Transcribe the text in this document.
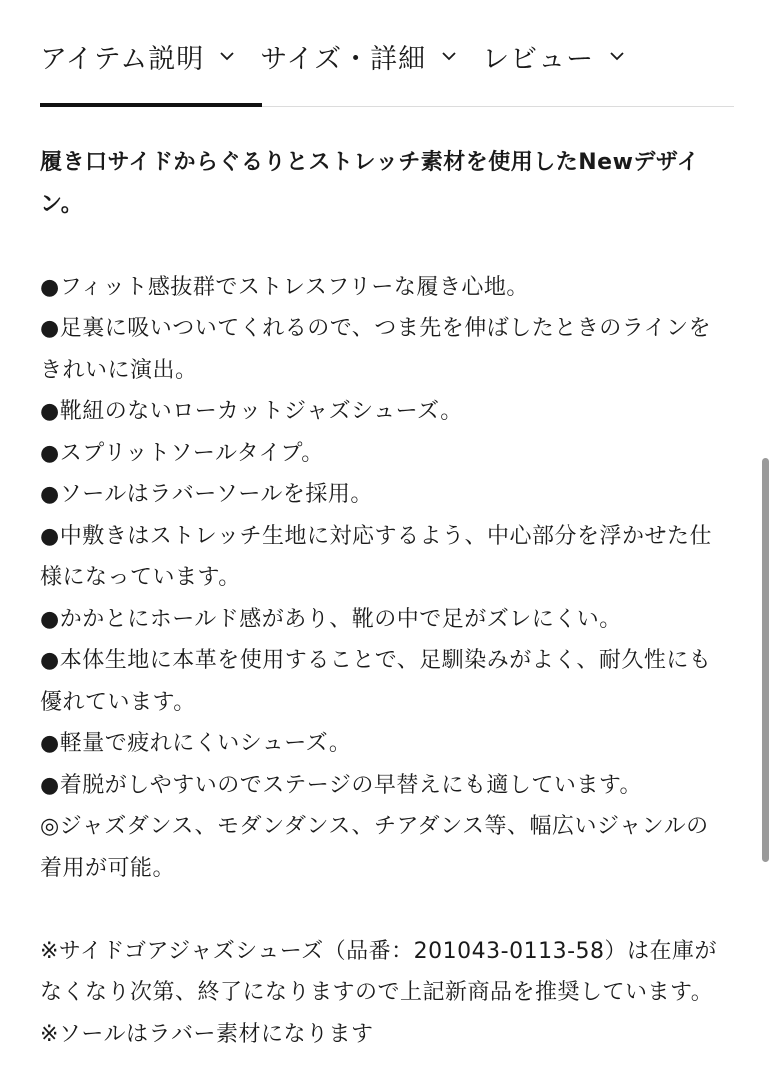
アイテム説明 サイズ・詳細 レビュー

履き口サイドからぐるりとストレッチ素材を使用したNewデザイン。

●フィット感抜群でストレスフリーな履き心地。

●足裏に吸いついてくれるので、つま先を伸ばしたときのラインをきれいに演出。

●靴紐のないローカットジャズシューズ。

●スプリットソールタイプ。

●ソールはラバーソールを採用。

●中敷きはストレッチ生地に対応するよう、中心部分を浮かせた仕様になっています。

●かかとにホールド感があり、靴の中で足がズレにくい。

●本体生地に本革を使用することで、足馴染みがよく、耐久性にも優れています。

●軽量で疲れにくいシューズ。

●着脱がしやすいのでステージの早替えにも適しています。

◎ジャズダンス、モダンダンス、チアダンス等、幅広いジャンルの着用が可能。

※サイドゴアジャズシューズ（品番：201043-0113-58）は在庫がなくなり次第、終了になりますので上記新商品を推奨しています。※ソールはラバー素材になります
